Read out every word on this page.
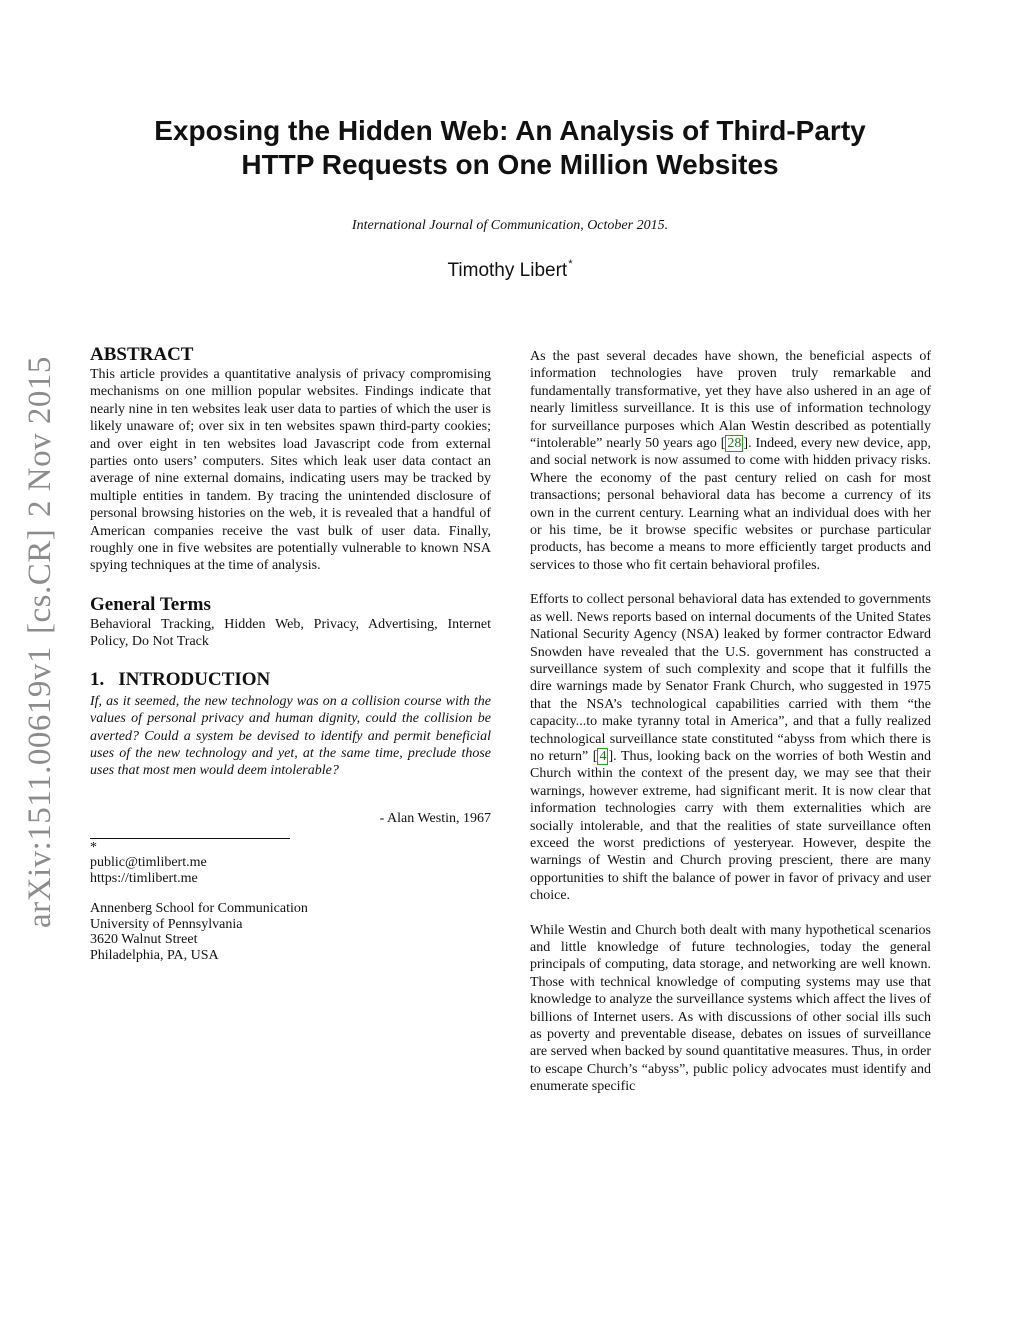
arXiv:1511.00619v1
[cs.CR]
2 Nov 2015
Exposing the Hidden Web: An Analysis of Third-Party
HTTP Requests on One Million Websites
International Journal of Communication, October 2015.
Timothy Libert*
ABSTRACT

This article provides a quantitative analysis of privacy compromising mechanisms on one million popular websites. Findings indicate that nearly nine in ten websites leak user data to parties of which the user is likely unaware of; over six in ten websites spawn third-party cookies; and over eight in ten websites load Javascript code from external parties onto users’ computers. Sites which leak user data contact an average of nine external domains, indicating users may be tracked by multiple entities in tandem. By tracing the unintended disclosure of personal browsing histories on the web, it is revealed that a handful of American companies receive the vast bulk of user data. Finally, roughly one in five websites are potentially vulnerable to known NSA spying techniques at the time of analysis.

General Terms

Behavioral Tracking, Hidden Web, Privacy, Advertising, Internet Policy, Do Not Track

1. INTRODUCTION

If, as it seemed, the new technology was on a collision course with the values of personal privacy and human dignity, could the collision be averted? Could a system be devised to identify and permit beneficial uses of the new technology and yet, at the same time, preclude those uses that most men would deem intolerable?

- Alan Westin, 1967

*
public@timlibert.me
https://timlibert.me
Annenberg School for Communication
University of Pennsylvania
3620 Walnut Street
Philadelphia, PA, USA

As the past several decades have shown, the beneficial aspects of information technologies have proven truly remarkable and fundamentally transformative, yet they have also ushered in an age of nearly limitless surveillance. It is this use of information technology for surveillance purposes which Alan Westin described as potentially “intolerable” nearly 50 years ago [ 28 ]. Indeed, every new device, app, and social network is now assumed to come with hidden privacy risks. Where the economy of the past century relied on cash for most transactions; personal behavioral data has become a currency of its own in the current century. Learning what an individual does with her or his time, be it browse specific websites or purchase particular products, has become a means to more efficiently target products and services to those who fit certain behavioral profiles.

Efforts to collect personal behavioral data has extended to governments as well. News reports based on internal documents of the United States National Security Agency (NSA) leaked by former contractor Edward Snowden have revealed that the U.S. government has constructed a surveillance system of such complexity and scope that it fulfills the dire warnings made by Senator Frank Church, who suggested in 1975 that the NSA’s technological capabilities carried with them “the capacity...to make tyranny total in America”, and that a fully realized technological surveillance state constituted “abyss from which there is no return” [ 4 ]. Thus, looking back on the worries of both Westin and Church within the context of the present day, we may see that their warnings, however extreme, had significant merit. It is now clear that information technologies carry with them externalities which are socially intolerable, and that the realities of state surveillance often exceed the worst predictions of yesteryear. However, despite the warnings of Westin and Church proving prescient, there are many opportunities to shift the balance of power in favor of privacy and user choice.

While Westin and Church both dealt with many hypothetical scenarios and little knowledge of future technologies, today the general principals of computing, data storage, and networking are well known. Those with technical knowledge of computing systems may use that knowledge to analyze the surveillance systems which affect the lives of billions of Internet users. As with discussions of other social ills such as poverty and preventable disease, debates on issues of surveillance are served when backed by sound quantitative measures. Thus, in order to escape Church’s “abyss”, public policy advocates must identify and enumerate specific
